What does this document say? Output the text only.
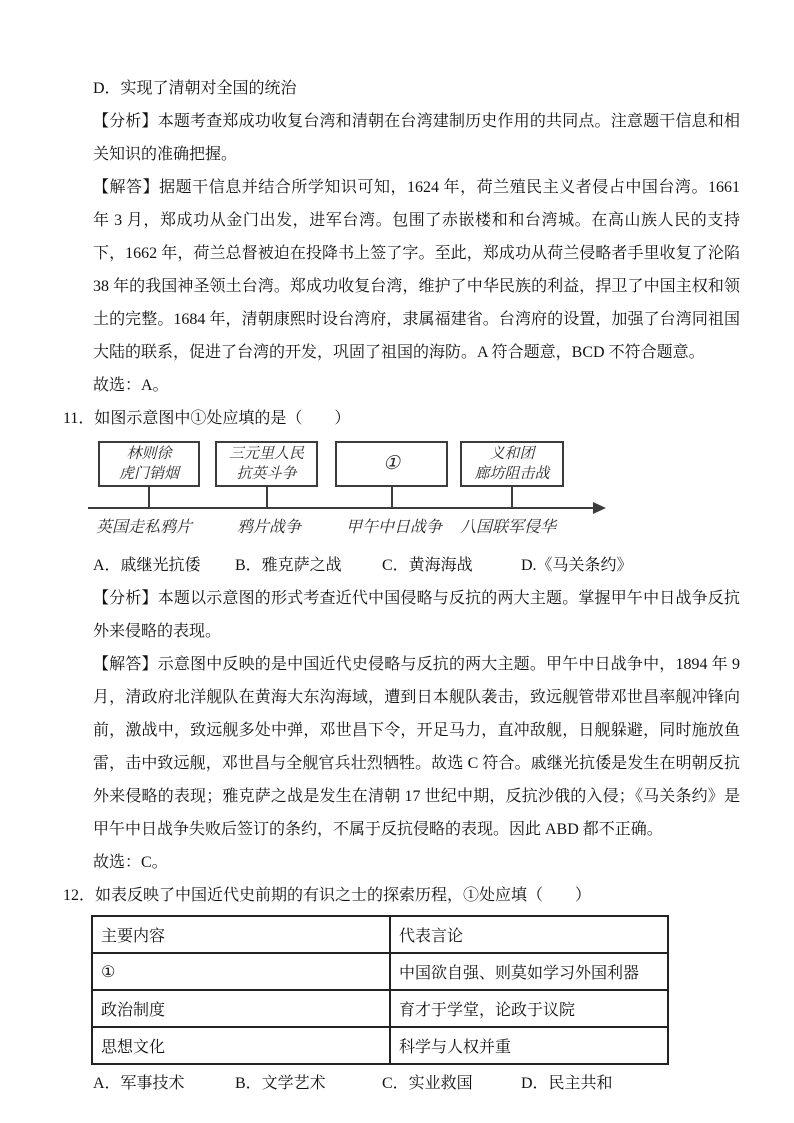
D．实现了清朝对全国的统治

【分析】本题考查郑成功收复台湾和清朝在台湾建制历史作用的共同点。注意题干信息和相关知识的准确把握。

【解答】据题干信息并结合所学知识可知，1624 年，荷兰殖民主义者侵占中国台湾。1661 年 3 月，郑成功从金门出发，进军台湾。包围了赤嵌楼和和台湾城。在高山族人民的支持下，1662 年，荷兰总督被迫在投降书上签了字。至此，郑成功从荷兰侵略者手里收复了沦陷 38 年的我国神圣领土台湾。郑成功收复台湾，维护了中华民族的利益，捍卫了中国主权和领土的完整。1684 年，清朝康熙时设台湾府，隶属福建省。台湾府的设置，加强了台湾同祖国大陆的联系，促进了台湾的开发，巩固了祖国的海防。A 符合题意，BCD 不符合题意。

故选：A。

11．如图示意图中①处应填的是（　　）

林则徐
虎门销烟
三元里人民
抗英斗争	①	义和团
廊坊阻击战
英国走私鸦片	鸦片战争	甲午中日战争 八国联军侵华

A．戚继光抗倭 B．雅克萨之战	C．黄海海战	D.《马关条约》

【分析】本题以示意图的形式考查近代中国侵略与反抗的两大主题。掌握甲午中日战争反抗外来侵略的表现。

【解答】示意图中反映的是中国近代史侵略与反抗的两大主题。甲午中日战争中，1894 年 9 月，清政府北洋舰队在黄海大东沟海域，遭到日本舰队袭击，致远舰管带邓世昌率舰冲锋向前，激战中，致远舰多处中弹，邓世昌下令，开足马力，直冲敌舰，日舰躲避，同时施放鱼雷，击中致远舰，邓世昌与全舰官兵壮烈牺牲。故选 C 符合。戚继光抗倭是发生在明朝反抗外来侵略的表现；雅克萨之战是发生在清朝 17 世纪中期，反抗沙俄的入侵；《马关条约》是甲午中日战争失败后签订的条约，不属于反抗侵略的表现。因此 ABD 都不正确。

故选：C。

12．如表反映了中国近代史前期的有识之士的探索历程，①处应填（　　）

主要内容	代表言论
①	中国欲自强、则莫如学习外国利器
政治制度	育才于学堂，论政于议院
思想文化	科学与人权并重

A．军事技术	B．文学艺术	C．实业救国	D．民主共和
